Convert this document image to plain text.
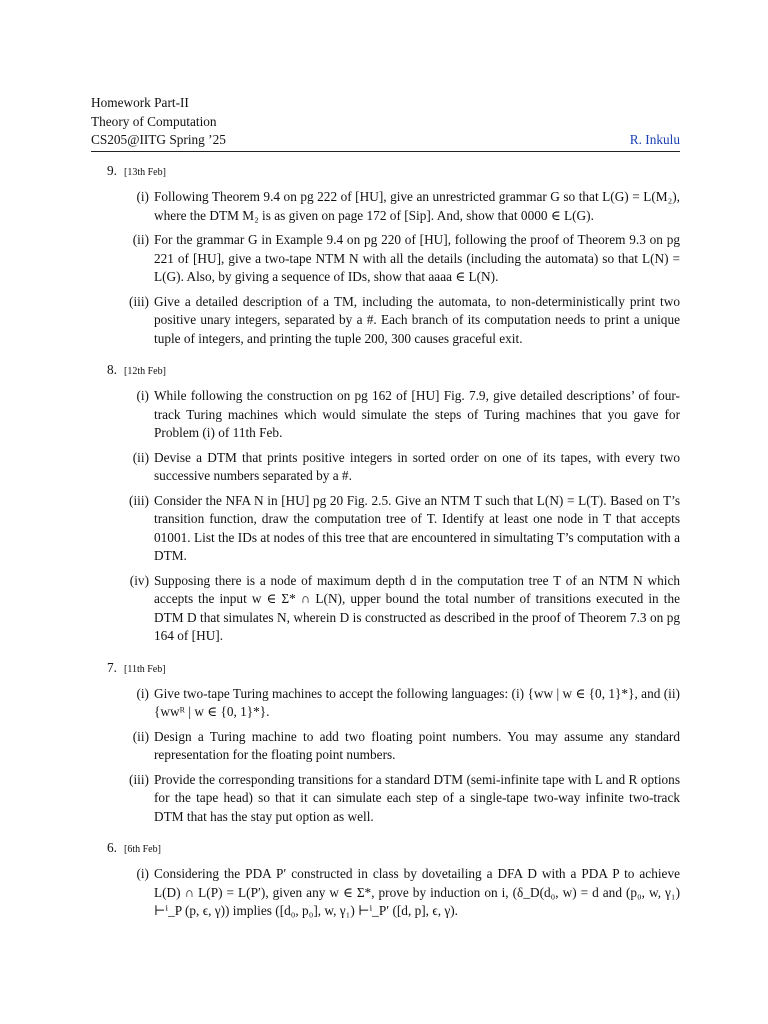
Homework Part-II
Theory of Computation
CS205@IITG Spring ’25	R. Inkulu
9. [13th Feb]
(i) Following Theorem 9.4 on pg 222 of [HU], give an unrestricted grammar G so that L(G) = L(M₂), where the DTM M₂ is as given on page 172 of [Sip]. And, show that 0000 ∈ L(G).
(ii) For the grammar G in Example 9.4 on pg 220 of [HU], following the proof of Theorem 9.3 on pg 221 of [HU], give a two-tape NTM N with all the details (including the automata) so that L(N) = L(G). Also, by giving a sequence of IDs, show that aaaa ∈ L(N).
(iii) Give a detailed description of a TM, including the automata, to non-deterministically print two positive unary integers, separated by a #. Each branch of its computation needs to print a unique tuple of integers, and printing the tuple 200, 300 causes graceful exit.
8. [12th Feb]
(i) While following the construction on pg 162 of [HU] Fig. 7.9, give detailed descriptions’ of four-track Turing machines which would simulate the steps of Turing machines that you gave for Problem (i) of 11th Feb.
(ii) Devise a DTM that prints positive integers in sorted order on one of its tapes, with every two successive numbers separated by a #.
(iii) Consider the NFA N in [HU] pg 20 Fig. 2.5. Give an NTM T such that L(N) = L(T). Based on T’s transition function, draw the computation tree of T. Identify at least one node in T that accepts 01001. List the IDs at nodes of this tree that are encountered in simultating T’s computation with a DTM.
(iv) Supposing there is a node of maximum depth d in the computation tree T of an NTM N which accepts the input w ∈ Σ* ∩ L(N), upper bound the total number of transitions executed in the DTM D that simulates N, wherein D is constructed as described in the proof of Theorem 7.3 on pg 164 of [HU].
7. [11th Feb]
(i) Give two-tape Turing machines to accept the following languages: (i) {ww | w ∈ {0, 1}*}, and (ii) {wwᴿ | w ∈ {0, 1}*}.
(ii) Design a Turing machine to add two floating point numbers. You may assume any standard representation for the floating point numbers.
(iii) Provide the corresponding transitions for a standard DTM (semi-infinite tape with L and R options for the tape head) so that it can simulate each step of a single-tape two-way infinite two-track DTM that has the stay put option as well.
6. [6th Feb]
(i) Considering the PDA P′ constructed in class by dovetailing a DFA D with a PDA P to achieve L(D) ∩ L(P) = L(P′), given any w ∈ Σ*, prove by induction on i, (δ_D(d₀, w) = d and (p₀, w, γ₁) ⊢ⁱ_P (p, ϵ, γ)) implies ([d₀, p₀], w, γ₁) ⊢ⁱ_P′ ([d, p], ϵ, γ).
